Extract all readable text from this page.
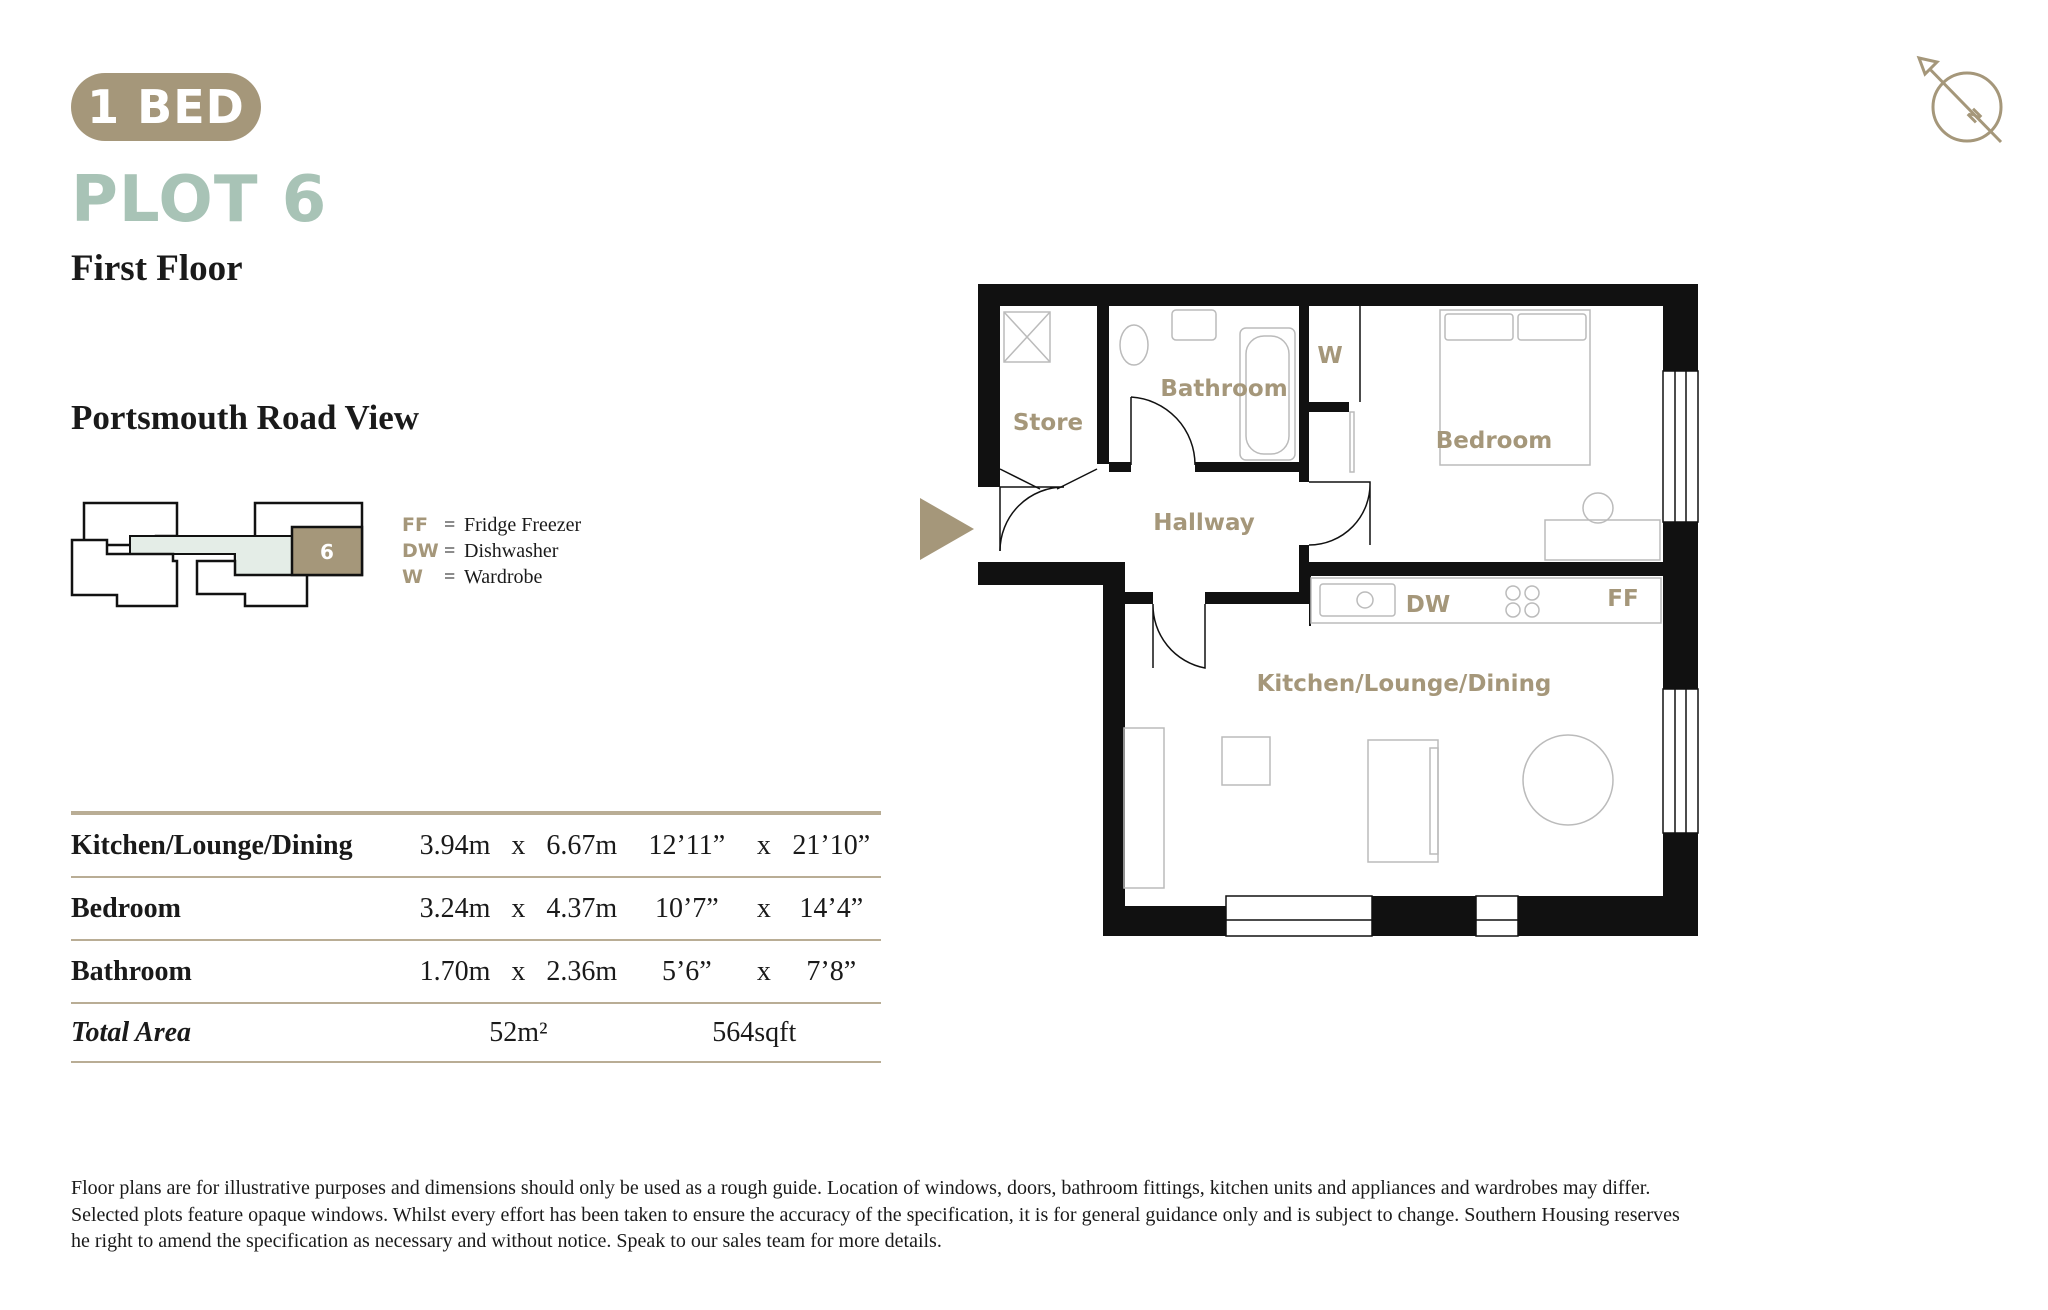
1 BED
PLOT 6
First Floor
Portsmouth Road View
6
FF = Fridge Freezer
DW = Dishwasher
W	= Wardrobe
Kitchen/Lounge/Dining	3.94m	x	6.67m	12’11”	x	21’10”
Bedroom	3.24m	x	4.37m	10’7”	x	14’4”
Bathroom	1.70m	x	2.36m	5’6”	x	7’8”
Total Area	52m²			564sqft		
N
Store
Bathroom
W
Bedroom
Hallway
DW	FF
Kitchen/Lounge/Dining

Floor plans are for illustrative purposes and dimensions should only be used as a rough guide. Location of windows, doors, bathroom fittings, kitchen units and appliances and wardrobes may differ.

Selected plots feature opaque windows. Whilst every effort has been taken to ensure the accuracy of the specification, it is for general guidance only and is subject to change. Southern Housing reserves

he right to amend the specification as necessary and without notice. Speak to our sales team for more details.
